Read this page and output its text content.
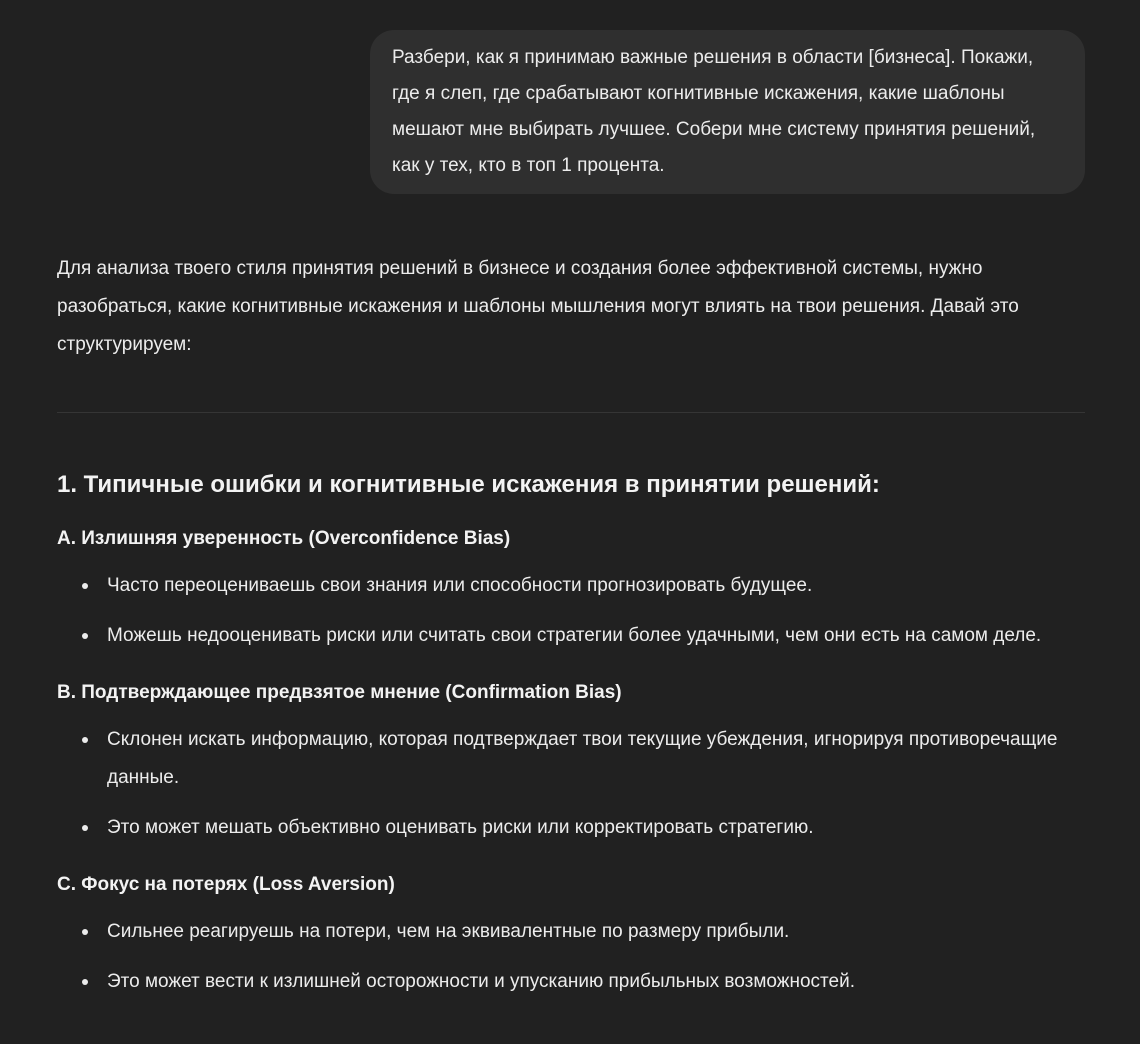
Разбери, как я принимаю важные решения в области [бизнеса]. Покажи, где я слеп, где срабатывают когнитивные искажения, какие шаблоны мешают мне выбирать лучшее. Собери мне систему принятия решений, как у тех, кто в топ 1 процента.

Для анализа твоего стиля принятия решений в бизнесе и создания более эффективной системы, нужно разобраться, какие когнитивные искажения и шаблоны мышления могут влиять на твои решения. Давай это структурируем:

1. Типичные ошибки и когнитивные искажения в принятии решений:
A. Излишняя уверенность (Overconfidence Bias)
Часто переоцениваешь свои знания или способности прогнозировать будущее.
Можешь недооценивать риски или считать свои стратегии более удачными, чем они есть на самом деле.
B. Подтверждающее предвзятое мнение (Confirmation Bias)
Склонен искать информацию, которая подтверждает твои текущие убеждения, игнорируя противоречащие данные.
Это может мешать объективно оценивать риски или корректировать стратегию.
C. Фокус на потерях (Loss Aversion)
Сильнее реагируешь на потери, чем на эквивалентные по размеру прибыли.
Это может вести к излишней осторожности и упусканию прибыльных возможностей.
